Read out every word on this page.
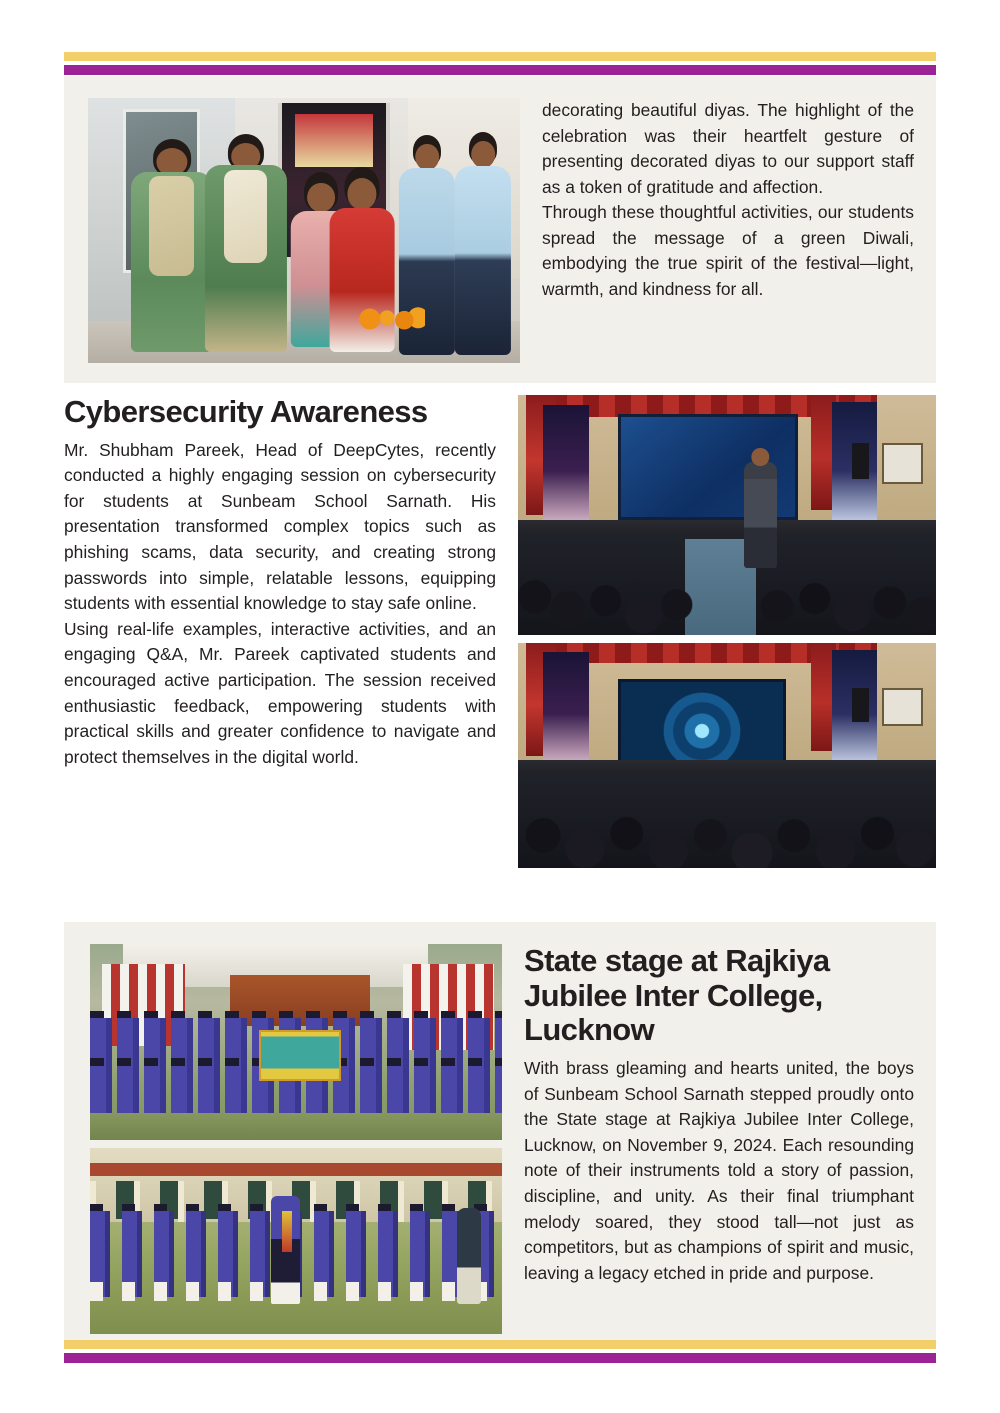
decorating beautiful diyas. The highlight of the celebration was their heartfelt gesture of presenting decorated diyas to our support staff as a token of gratitude and affection.

Through these thoughtful activities, our students spread the message of a green Diwali, embodying the true spirit of the festival—light, warmth, and kindness for all.

Cybersecurity Awareness

Mr. Shubham Pareek, Head of DeepCytes, recently conducted a highly engaging session on cybersecurity for students at Sunbeam School Sarnath. His presentation transformed complex topics such as phishing scams, data security, and creating strong passwords into simple, relatable lessons, equipping students with essential knowledge to stay safe online.

Using real-life examples, interactive activities, and an engaging Q&A, Mr. Pareek captivated students and encouraged active participation. The session received enthusiastic feedback, empowering students with practical skills and greater confidence to navigate and protect themselves in the digital world.

State stage at Rajkiya Jubilee Inter College, Lucknow

With brass gleaming and hearts united, the boys of Sunbeam School Sarnath stepped proudly onto the State stage at Rajkiya Jubilee Inter College, Lucknow, on November 9, 2024. Each resounding note of their instruments told a story of passion, discipline, and unity. As their final triumphant melody soared, they stood tall—not just as competitors, but as champions of spirit and music, leaving a legacy etched in pride and purpose.
